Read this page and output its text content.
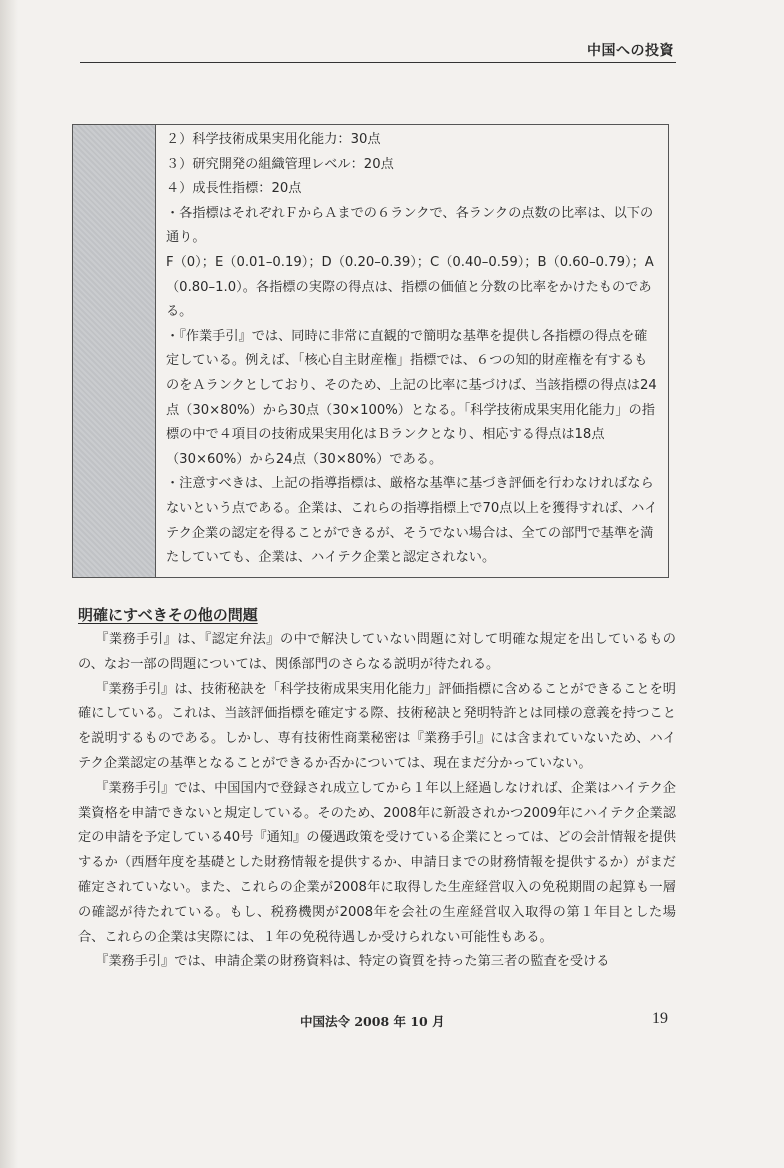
中国への投資

２）科学技術成果実用化能力：30点

３）研究開発の組織管理レベル：20点

４）成長性指標：20点

・各指標はそれぞれＦからＡまでの６ランクで、各ランクの点数の比率は、以下の通り。

F（0）；E（0.01–0.19）；D（0.20–0.39）；C（0.40–0.59）；B（0.60–0.79）；A（0.80–1.0）。各指標の実際の得点は、指標の価値と分数の比率をかけたものである。

・『作業手引』では、同時に非常に直観的で簡明な基準を提供し各指標の得点を確定している。例えば、「核心自主財産権」指標では、６つの知的財産権を有するものをＡランクとしており、そのため、上記の比率に基づけば、当該指標の得点は24点（30×80%）から30点（30×100%）となる。「科学技術成果実用化能力」の指標の中で４項目の技術成果実用化はＢランクとなり、相応する得点は18点（30×60%）から24点（30×80%）である。

・注意すべきは、上記の指導指標は、厳格な基準に基づき評価を行わなければならないという点である。企業は、これらの指導指標上で70点以上を獲得すれば、ハイテク企業の認定を得ることができるが、そうでない場合は、全ての部門で基準を満たしていても、企業は、ハイテク企業と認定されない。

明確にすべきその他の問題

『業務手引』は、『認定弁法』の中で解決していない問題に対して明確な規定を出しているものの、なお一部の問題については、関係部門のさらなる説明が待たれる。

『業務手引』は、技術秘訣を「科学技術成果実用化能力」評価指標に含めることができることを明確にしている。これは、当該評価指標を確定する際、技術秘訣と発明特許とは同様の意義を持つことを説明するものである。しかし、専有技術性商業秘密は『業務手引』には含まれていないため、ハイテク企業認定の基準となることができるか否かについては、現在まだ分かっていない。

『業務手引』では、中国国内で登録され成立してから１年以上経過しなければ、企業はハイテク企業資格を申請できないと規定している。そのため、2008年に新設されかつ2009年にハイテク企業認定の申請を予定している40号『通知』の優遇政策を受けている企業にとっては、どの会計情報を提供するか（西暦年度を基礎とした財務情報を提供するか、申請日までの財務情報を提供するか）がまだ確定されていない。また、これらの企業が2008年に取得した生産経営収入の免税期間の起算も一層の確認が待たれている。もし、税務機関が2008年を会社の生産経営収入取得の第１年目とした場合、これらの企業は実際には、１年の免税待遇しか受けられない可能性もある。

『業務手引』では、申請企業の財務資料は、特定の資質を持った第三者の監査を受ける

中国法令 2008 年 10 月	19
